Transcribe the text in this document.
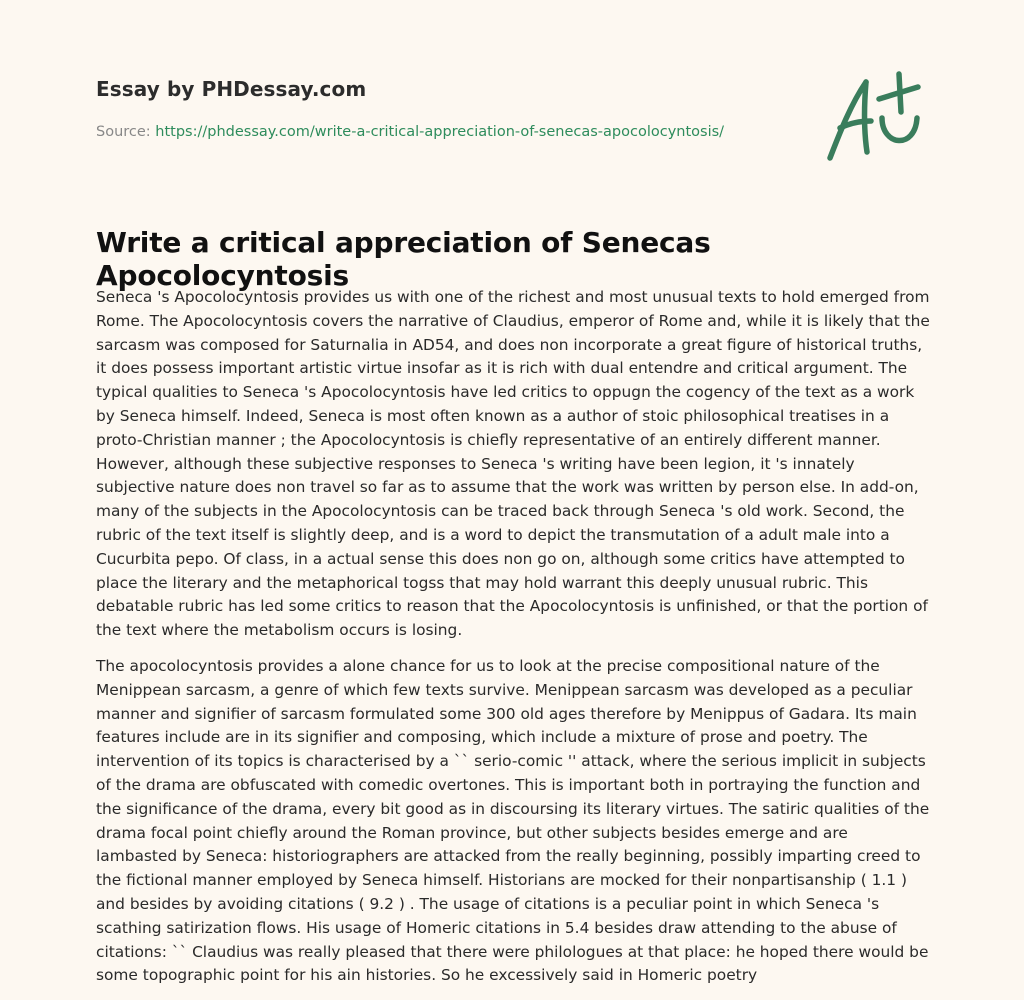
Essay by PHDessay.com
Source: https://phdessay.com/write-a-critical-appreciation-of-senecas-apocolocyntosis/
Write a critical appreciation of Senecas Apocolocyntosis

Seneca 's Apocolocyntosis provides us with one of the richest and most unusual texts to hold emerged from Rome. The Apocolocyntosis covers the narrative of Claudius, emperor of Rome and, while it is likely that the sarcasm was composed for Saturnalia in AD54, and does non incorporate a great figure of historical truths, it does possess important artistic virtue insofar as it is rich with dual entendre and critical argument. The typical qualities to Seneca 's Apocolocyntosis have led critics to oppugn the cogency of the text as a work by Seneca himself. Indeed, Seneca is most often known as a author of stoic philosophical treatises in a proto-Christian manner ; the Apocolocyntosis is chiefly representative of an entirely different manner. However, although these subjective responses to Seneca 's writing have been legion, it 's innately subjective nature does non travel so far as to assume that the work was written by person else. In add-on, many of the subjects in the Apocolocyntosis can be traced back through Seneca 's old work. Second, the rubric of the text itself is slightly deep, and is a word to depict the transmutation of a adult male into a Cucurbita pepo. Of class, in a actual sense this does non go on, although some critics have attempted to place the literary and the metaphorical togss that may hold warrant this deeply unusual rubric. This debatable rubric has led some critics to reason that the Apocolocyntosis is unfinished, or that the portion of the text where the metabolism occurs is losing.

The apocolocyntosis provides a alone chance for us to look at the precise compositional nature of the Menippean sarcasm, a genre of which few texts survive. Menippean sarcasm was developed as a peculiar manner and signifier of sarcasm formulated some 300 old ages therefore by Menippus of Gadara. Its main features include are in its signifier and composing, which include a mixture of prose and poetry. The intervention of its topics is characterised by a `` serio-comic '' attack, where the serious implicit in subjects of the drama are obfuscated with comedic overtones. This is important both in portraying the function and the significance of the drama, every bit good as in discoursing its literary virtues. The satiric qualities of the drama focal point chiefly around the Roman province, but other subjects besides emerge and are lambasted by Seneca: historiographers are attacked from the really beginning, possibly imparting creed to the fictional manner employed by Seneca himself. Historians are mocked for their nonpartisanship ( 1.1 ) and besides by avoiding citations ( 9.2 ) . The usage of citations is a peculiar point in which Seneca 's scathing satirization flows. His usage of Homeric citations in 5.4 besides draw attending to the abuse of citations: `` Claudius was really pleased that there were philologues at that place: he hoped there would be some topographic point for his ain histories. So he excessively said in Homeric poetry
